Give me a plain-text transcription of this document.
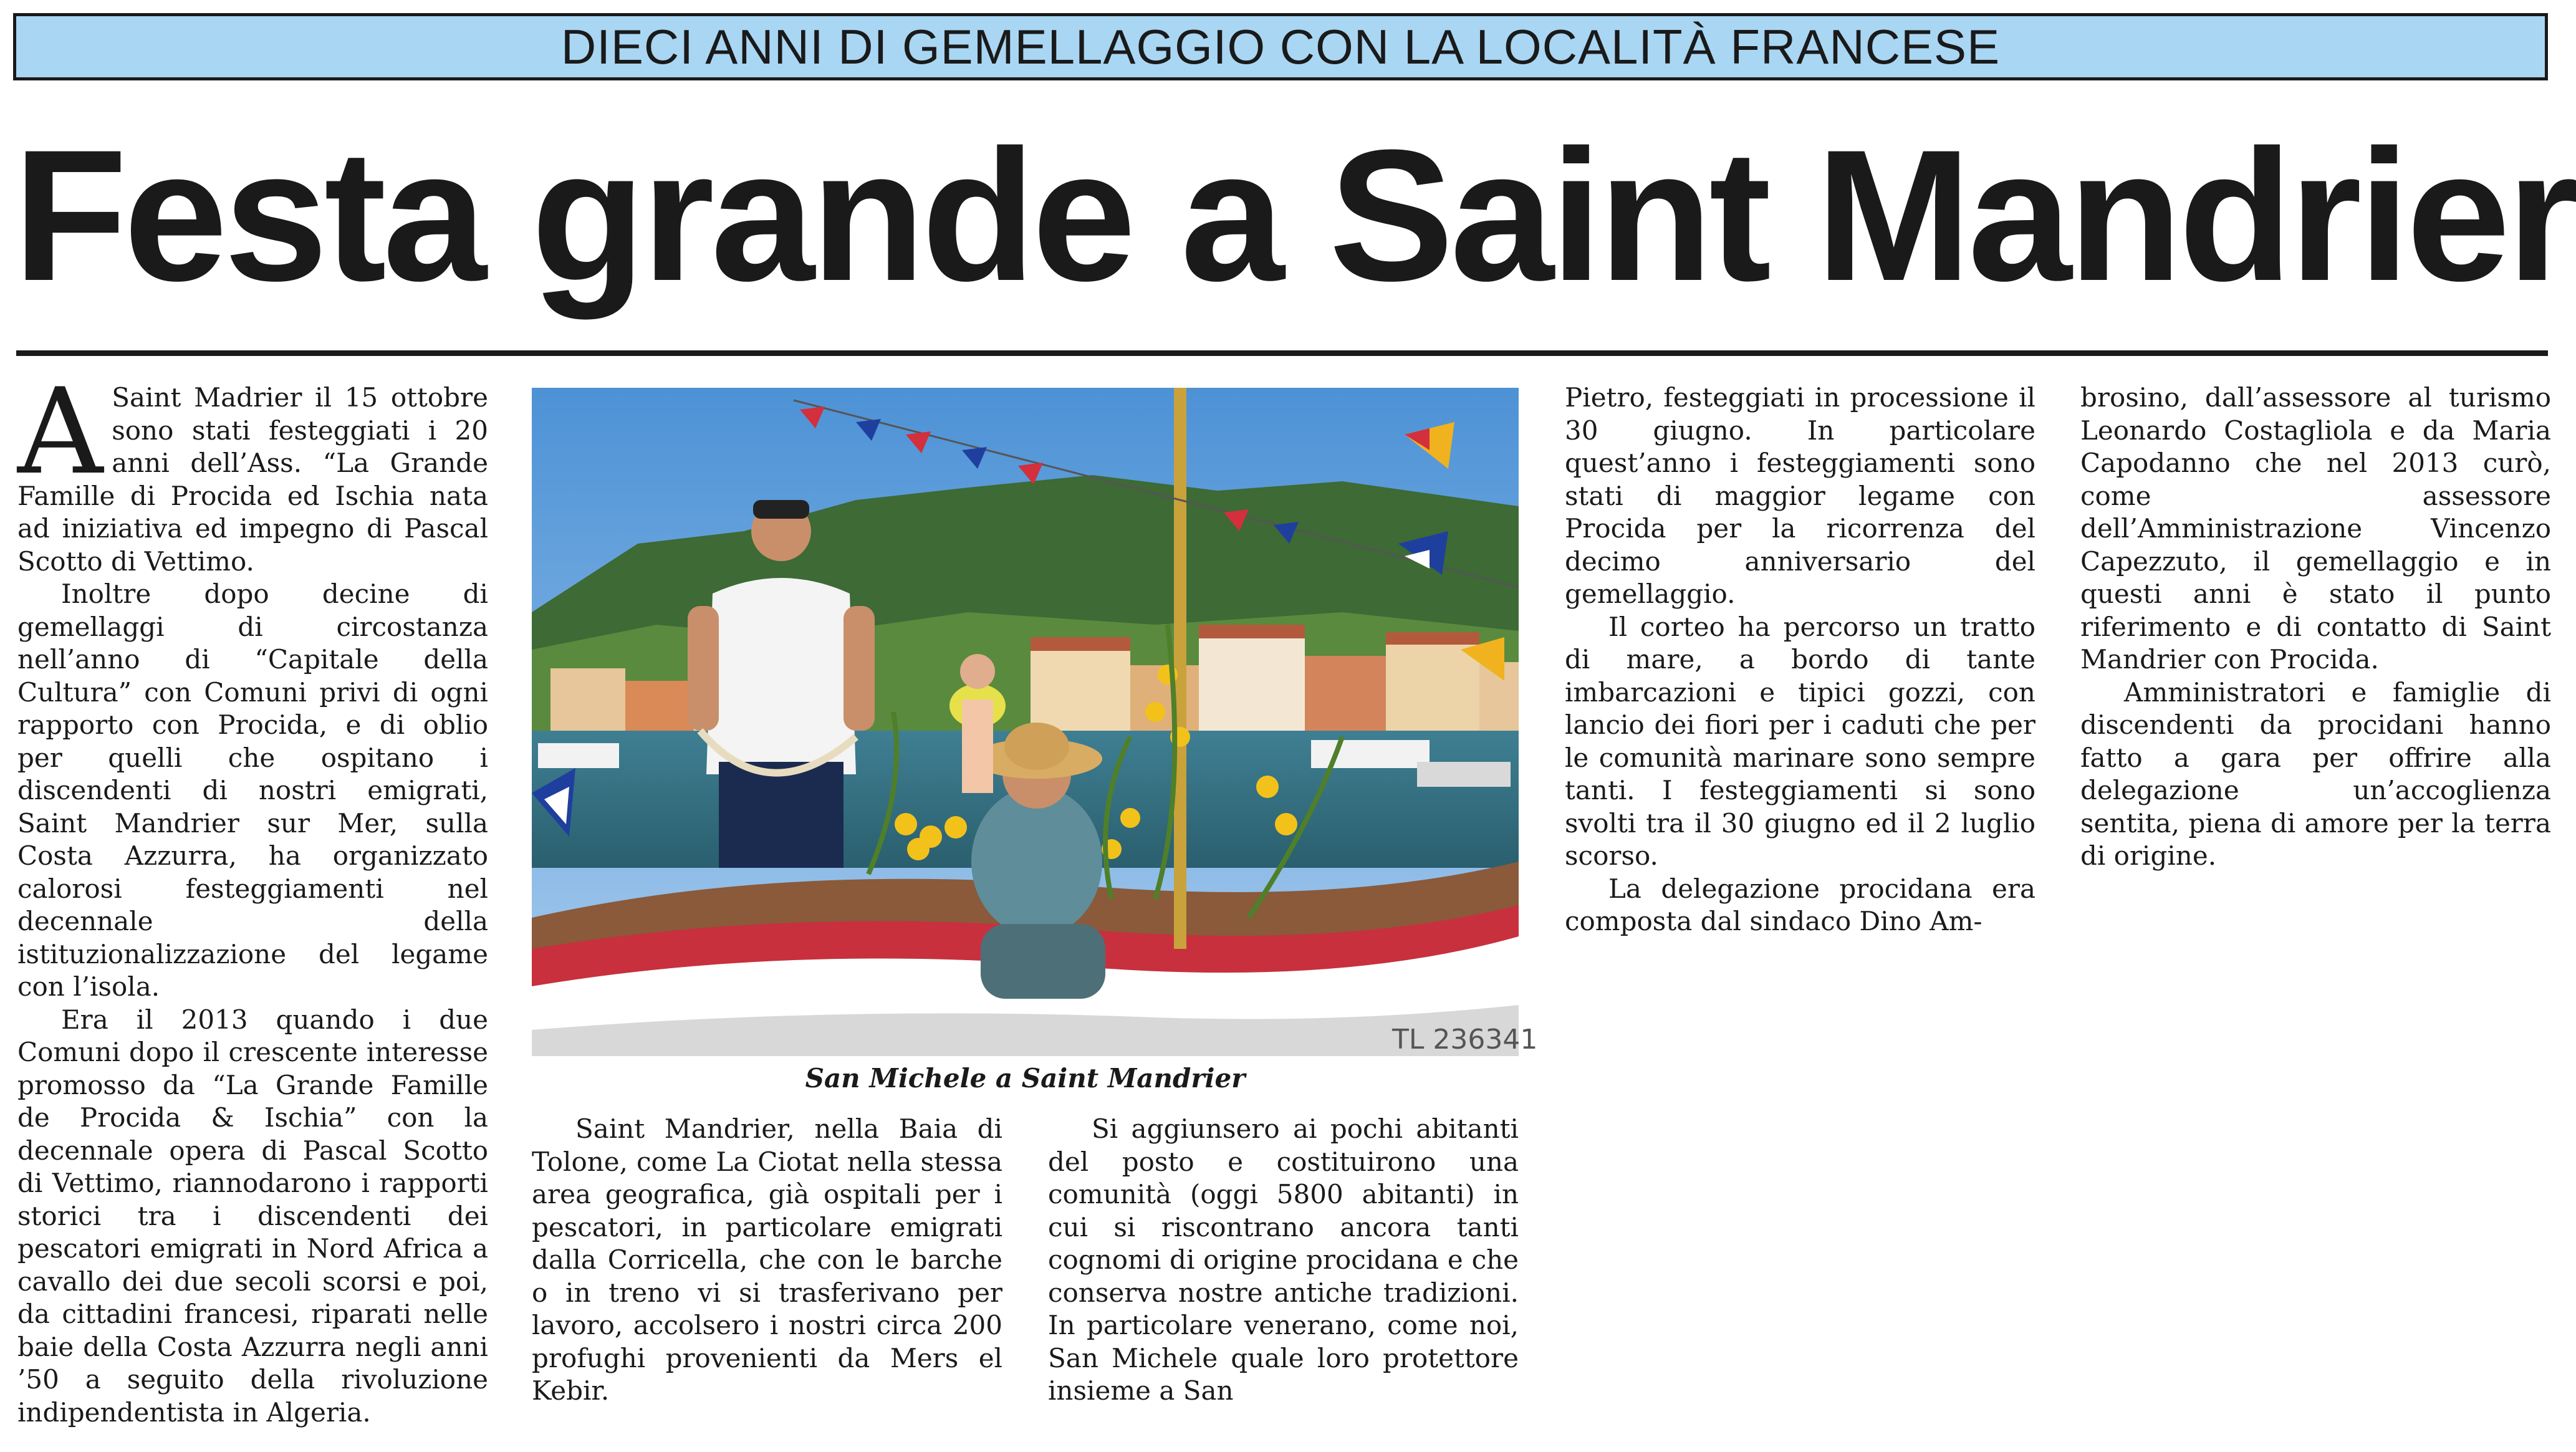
DIECI ANNI DI GEMELLAGGIO CON LA LOCALITÀ FRANCESE
Festa grande a Saint Mandrier

A Saint Madrier il 15 ottobre sono stati festeggiati i 20 anni dell’Ass. “La Grande Famille di Procida ed Ischia nata ad iniziativa ed impegno di Pascal Scotto di Vettimo.

Inoltre dopo decine di gemellaggi di circostanza nell’anno di “Capitale della Cultura” con Comuni privi di ogni rapporto con Procida, e di oblio per quelli che ospitano i discendenti di nostri emigrati, Saint Mandrier sur Mer, sulla Costa Azzurra, ha organizzato calorosi festeggiamenti nel decennale della istituzionalizzazione del legame con l’isola.

Era il 2013 quando i due Comuni dopo il crescente interesse promosso da “La Grande Famille de Procida & Ischia” con la decennale opera di Pascal Scotto di Vettimo, riannodarono i rapporti storici tra i discendenti dei pescatori emigrati in Nord Africa a cavallo dei due secoli scorsi e poi, da cittadini francesi, riparati nelle baie della Costa Azzurra negli anni ’50 a seguito della rivoluzione indipendentista in Algeria.

TL 236341
San Michele a Saint Mandrier

Saint Mandrier, nella Baia di Tolone, come La Ciotat nella stessa area geografica, già ospitali per i pescatori, in particolare emigrati dalla Corricella, che con le barche o in treno vi si trasferivano per lavoro, accolsero i nostri circa 200 profughi provenienti da Mers el Kebir.

Si aggiunsero ai pochi abitanti del posto e costituirono una comunità (oggi 5800 abitanti) in cui si riscontrano ancora tanti cognomi di origine procidana e che conserva nostre antiche tradizioni. In particolare venerano, come noi, San Michele quale loro protettore insieme a San

Pietro, festeggiati in processione il 30 giugno. In particolare quest’anno i festeggiamenti sono stati di maggior legame con Procida per la ricorrenza del decimo anniversario del gemellaggio.

Il corteo ha percorso un tratto di mare, a bordo di tante imbarcazioni e tipici gozzi, con lancio dei fiori per i caduti che per le comunità marinare sono sempre tanti. I festeggiamenti si sono svolti tra il 30 giugno ed il 2 luglio scorso.

La delegazione procidana era composta dal sindaco Dino Am-

brosino, dall’assessore al turismo Leonardo Costagliola e da Maria Capodanno che nel 2013 curò, come assessore dell’Amministrazione Vincenzo Capezzuto, il gemellaggio e in questi anni è stato il punto riferimento e di contatto di Saint Mandrier con Procida.

Amministratori e famiglie di discendenti da procidani hanno fatto a gara per offrire alla delegazione un’accoglienza sentita, piena di amore per la terra di origine.
